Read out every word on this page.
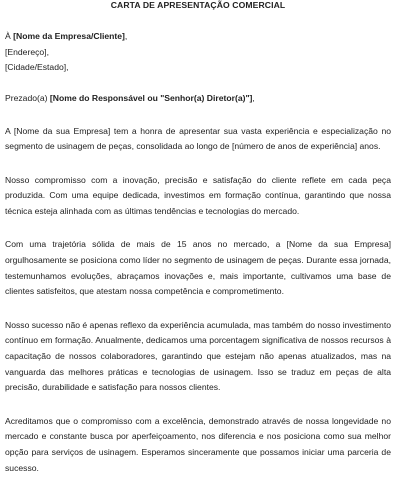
CARTA DE APRESENTAÇÃO COMERCIAL
À [Nome da Empresa/Cliente],
[Endereço],
[Cidade/Estado],
Prezado(a) [Nome do Responsável ou "Senhor(a) Diretor(a)"],

A [Nome da sua Empresa] tem a honra de apresentar sua vasta experiência e especialização no segmento de usinagem de peças, consolidada ao longo de [número de anos de experiência] anos.

Nosso compromisso com a inovação, precisão e satisfação do cliente reflete em cada peça produzida. Com uma equipe dedicada, investimos em formação contínua, garantindo que nossa técnica esteja alinhada com as últimas tendências e tecnologias do mercado.

Com uma trajetória sólida de mais de 15 anos no mercado, a [Nome da sua Empresa] orgulhosamente se posiciona como líder no segmento de usinagem de peças. Durante essa jornada, testemunhamos evoluções, abraçamos inovações e, mais importante, cultivamos uma base de clientes satisfeitos, que atestam nossa competência e comprometimento.

Nosso sucesso não é apenas reflexo da experiência acumulada, mas também do nosso investimento contínuo em formação. Anualmente, dedicamos uma porcentagem significativa de nossos recursos à capacitação de nossos colaboradores, garantindo que estejam não apenas atualizados, mas na vanguarda das melhores práticas e tecnologias de usinagem. Isso se traduz em peças de alta precisão, durabilidade e satisfação para nossos clientes.

Acreditamos que o compromisso com a excelência, demonstrado através de nossa longevidade no mercado e constante busca por aperfeiçoamento, nos diferencia e nos posiciona como sua melhor opção para serviços de usinagem. Esperamos sinceramente que possamos iniciar uma parceria de sucesso.
